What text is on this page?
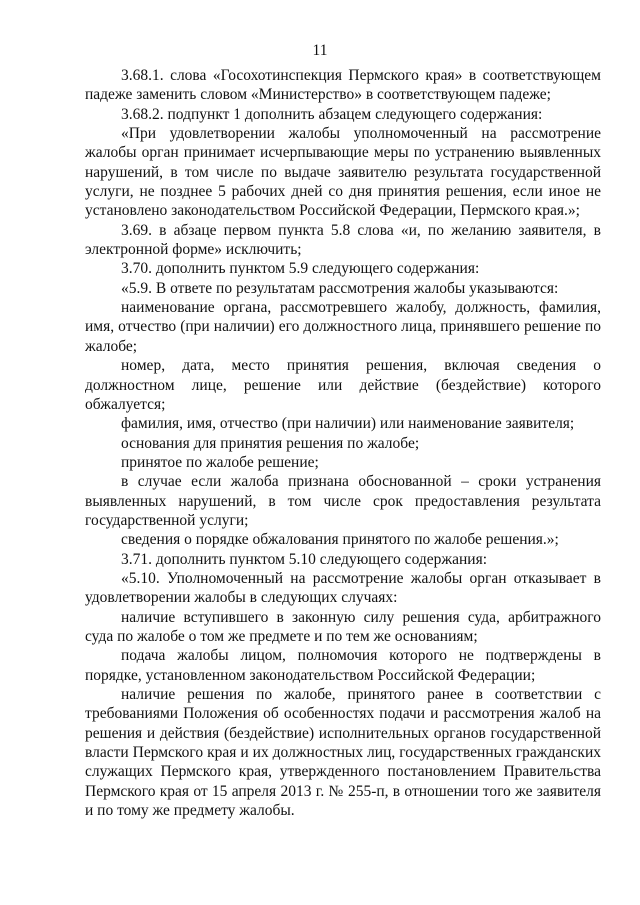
11

3.68.1. слова «Госохотинспекция Пермского края» в соответствующем падеже заменить словом «Министерство» в соответствующем падеже;

3.68.2. подпункт 1 дополнить абзацем следующего содержания:

«При удовлетворении жалобы уполномоченный на рассмотрение жалобы орган принимает исчерпывающие меры по устранению выявленных нарушений, в том числе по выдаче заявителю результата государственной услуги, не позднее 5 рабочих дней со дня принятия решения, если иное не установлено законодательством Российской Федерации, Пермского края.»;

3.69. в абзаце первом пункта 5.8 слова «и, по желанию заявителя, в электронной форме» исключить;

3.70. дополнить пунктом 5.9 следующего содержания:

«5.9. В ответе по результатам рассмотрения жалобы указываются:

наименование органа, рассмотревшего жалобу, должность, фамилия, имя, отчество (при наличии) его должностного лица, принявшего решение по жалобе;

номер, дата, место принятия решения, включая сведения о должностном лице, решение или действие (бездействие) которого обжалуется;

фамилия, имя, отчество (при наличии) или наименование заявителя;

основания для принятия решения по жалобе;

принятое по жалобе решение;

в случае если жалоба признана обоснованной – сроки устранения выявленных нарушений, в том числе срок предоставления результата государственной услуги;

сведения о порядке обжалования принятого по жалобе решения.»;

3.71. дополнить пунктом 5.10 следующего содержания:

«5.10. Уполномоченный на рассмотрение жалобы орган отказывает в удовлетворении жалобы в следующих случаях:

наличие вступившего в законную силу решения суда, арбитражного суда по жалобе о том же предмете и по тем же основаниям;

подача жалобы лицом, полномочия которого не подтверждены в порядке, установленном законодательством Российской Федерации;

наличие решения по жалобе, принятого ранее в соответствии с требованиями Положения об особенностях подачи и рассмотрения жалоб на решения и действия (бездействие) исполнительных органов государственной власти Пермского края и их должностных лиц, государственных гражданских служащих Пермского края, утвержденного постановлением Правительства Пермского края от 15 апреля 2013 г. № 255-п, в отношении того же заявителя и по тому же предмету жалобы.
